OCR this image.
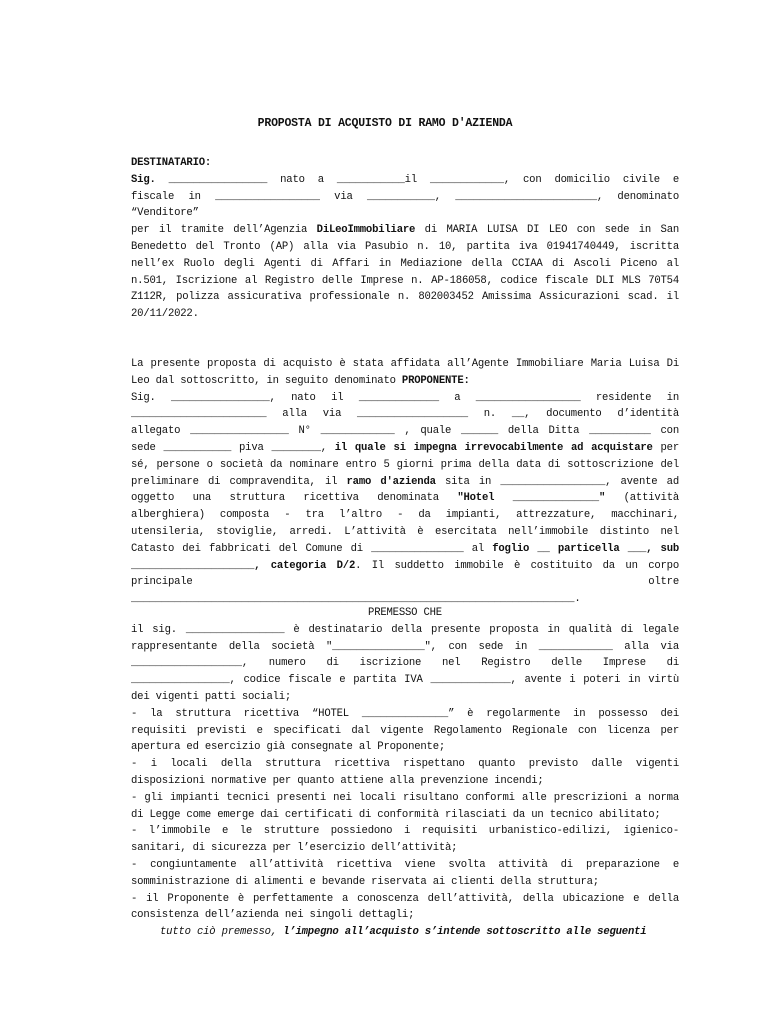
PROPOSTA DI ACQUISTO DI RAMO D'AZIENDA
DESTINATARIO:
Sig. ________________ nato a ___________il ____________, con domicilio civile e
fiscale in _________________ via ___________, _______________________, denominato
“Venditore”
per il tramite dell’Agenzia DiLeoImmobiliare di MARIA LUISA DI LEO con sede in San
Benedetto del Tronto (AP) alla via Pasubio n. 10, partita iva 01941740449, iscritta
nell’ex Ruolo degli Agenti di Affari in Mediazione della CCIAA di Ascoli Piceno al
n.501, Iscrizione al Registro delle Imprese n. AP-186058, codice fiscale DLI MLS 70T54
Z112R, polizza assicurativa professionale n. 802003452 Amissima Assicurazioni scad. il
20/11/2022.
La presente proposta di acquisto è stata affidata all’Agente Immobiliare Maria Luisa Di
Leo dal sottoscritto, in seguito denominato PROPONENTE:
Sig. ________________, nato il _____________ a _________________ residente in
______________________ alla via __________________ n. __, documento d’identità
allegato ________________ N° ____________ , quale ______ della Ditta __________ con
sede ___________ piva ________, il quale si impegna irrevocabilmente ad acquistare per
sé, persone o società da nominare entro 5 giorni prima della data di sottoscrizione del
preliminare di compravendita, il ramo d'azienda sita in _________________, avente ad
oggetto una struttura ricettiva denominata "Hotel ______________" (attività
alberghiera) composta - tra l’altro - da impianti, attrezzature, macchinari,
utensileria, stoviglie, arredi. L’attività è esercitata nell’immobile distinto nel
Catasto dei fabbricati del Comune di _______________ al foglio __ particella ___, sub
____________________, categoria D/2. Il suddetto immobile è costituito da un corpo
principale oltre
________________________________________________________________________.
PREMESSO CHE
il sig. ________________ è destinatario della presente proposta in qualità di legale
rappresentante della società "_______________", con sede in ____________ alla via
__________________, numero di iscrizione nel Registro delle Imprese di
________________, codice fiscale e partita IVA _____________, avente i poteri in virtù
dei vigenti patti sociali;
- la struttura ricettiva “HOTEL ______________” è regolarmente in possesso dei
requisiti previsti e specificati dal vigente Regolamento Regionale con licenza per
apertura ed esercizio già consegnate al Proponente;
- i locali della struttura ricettiva rispettano quanto previsto dalle vigenti
disposizioni normative per quanto attiene alla prevenzione incendi;
- gli impianti tecnici presenti nei locali risultano conformi alle prescrizioni a norma
di Legge come emerge dai certificati di conformità rilasciati da un tecnico abilitato;
- l’immobile e le strutture possiedono i requisiti urbanistico-edilizi, igienico-
sanitari, di sicurezza per l’esercizio dell’attività;
- congiuntamente all’attività ricettiva viene svolta attività di preparazione e
somministrazione di alimenti e bevande riservata ai clienti della struttura;
- il Proponente è perfettamente a conoscenza dell’attività, della ubicazione e della
consistenza dell’azienda nei singoli dettagli;
tutto ciò premesso, l’impegno all’acquisto s’intende sottoscritto alle seguenti
